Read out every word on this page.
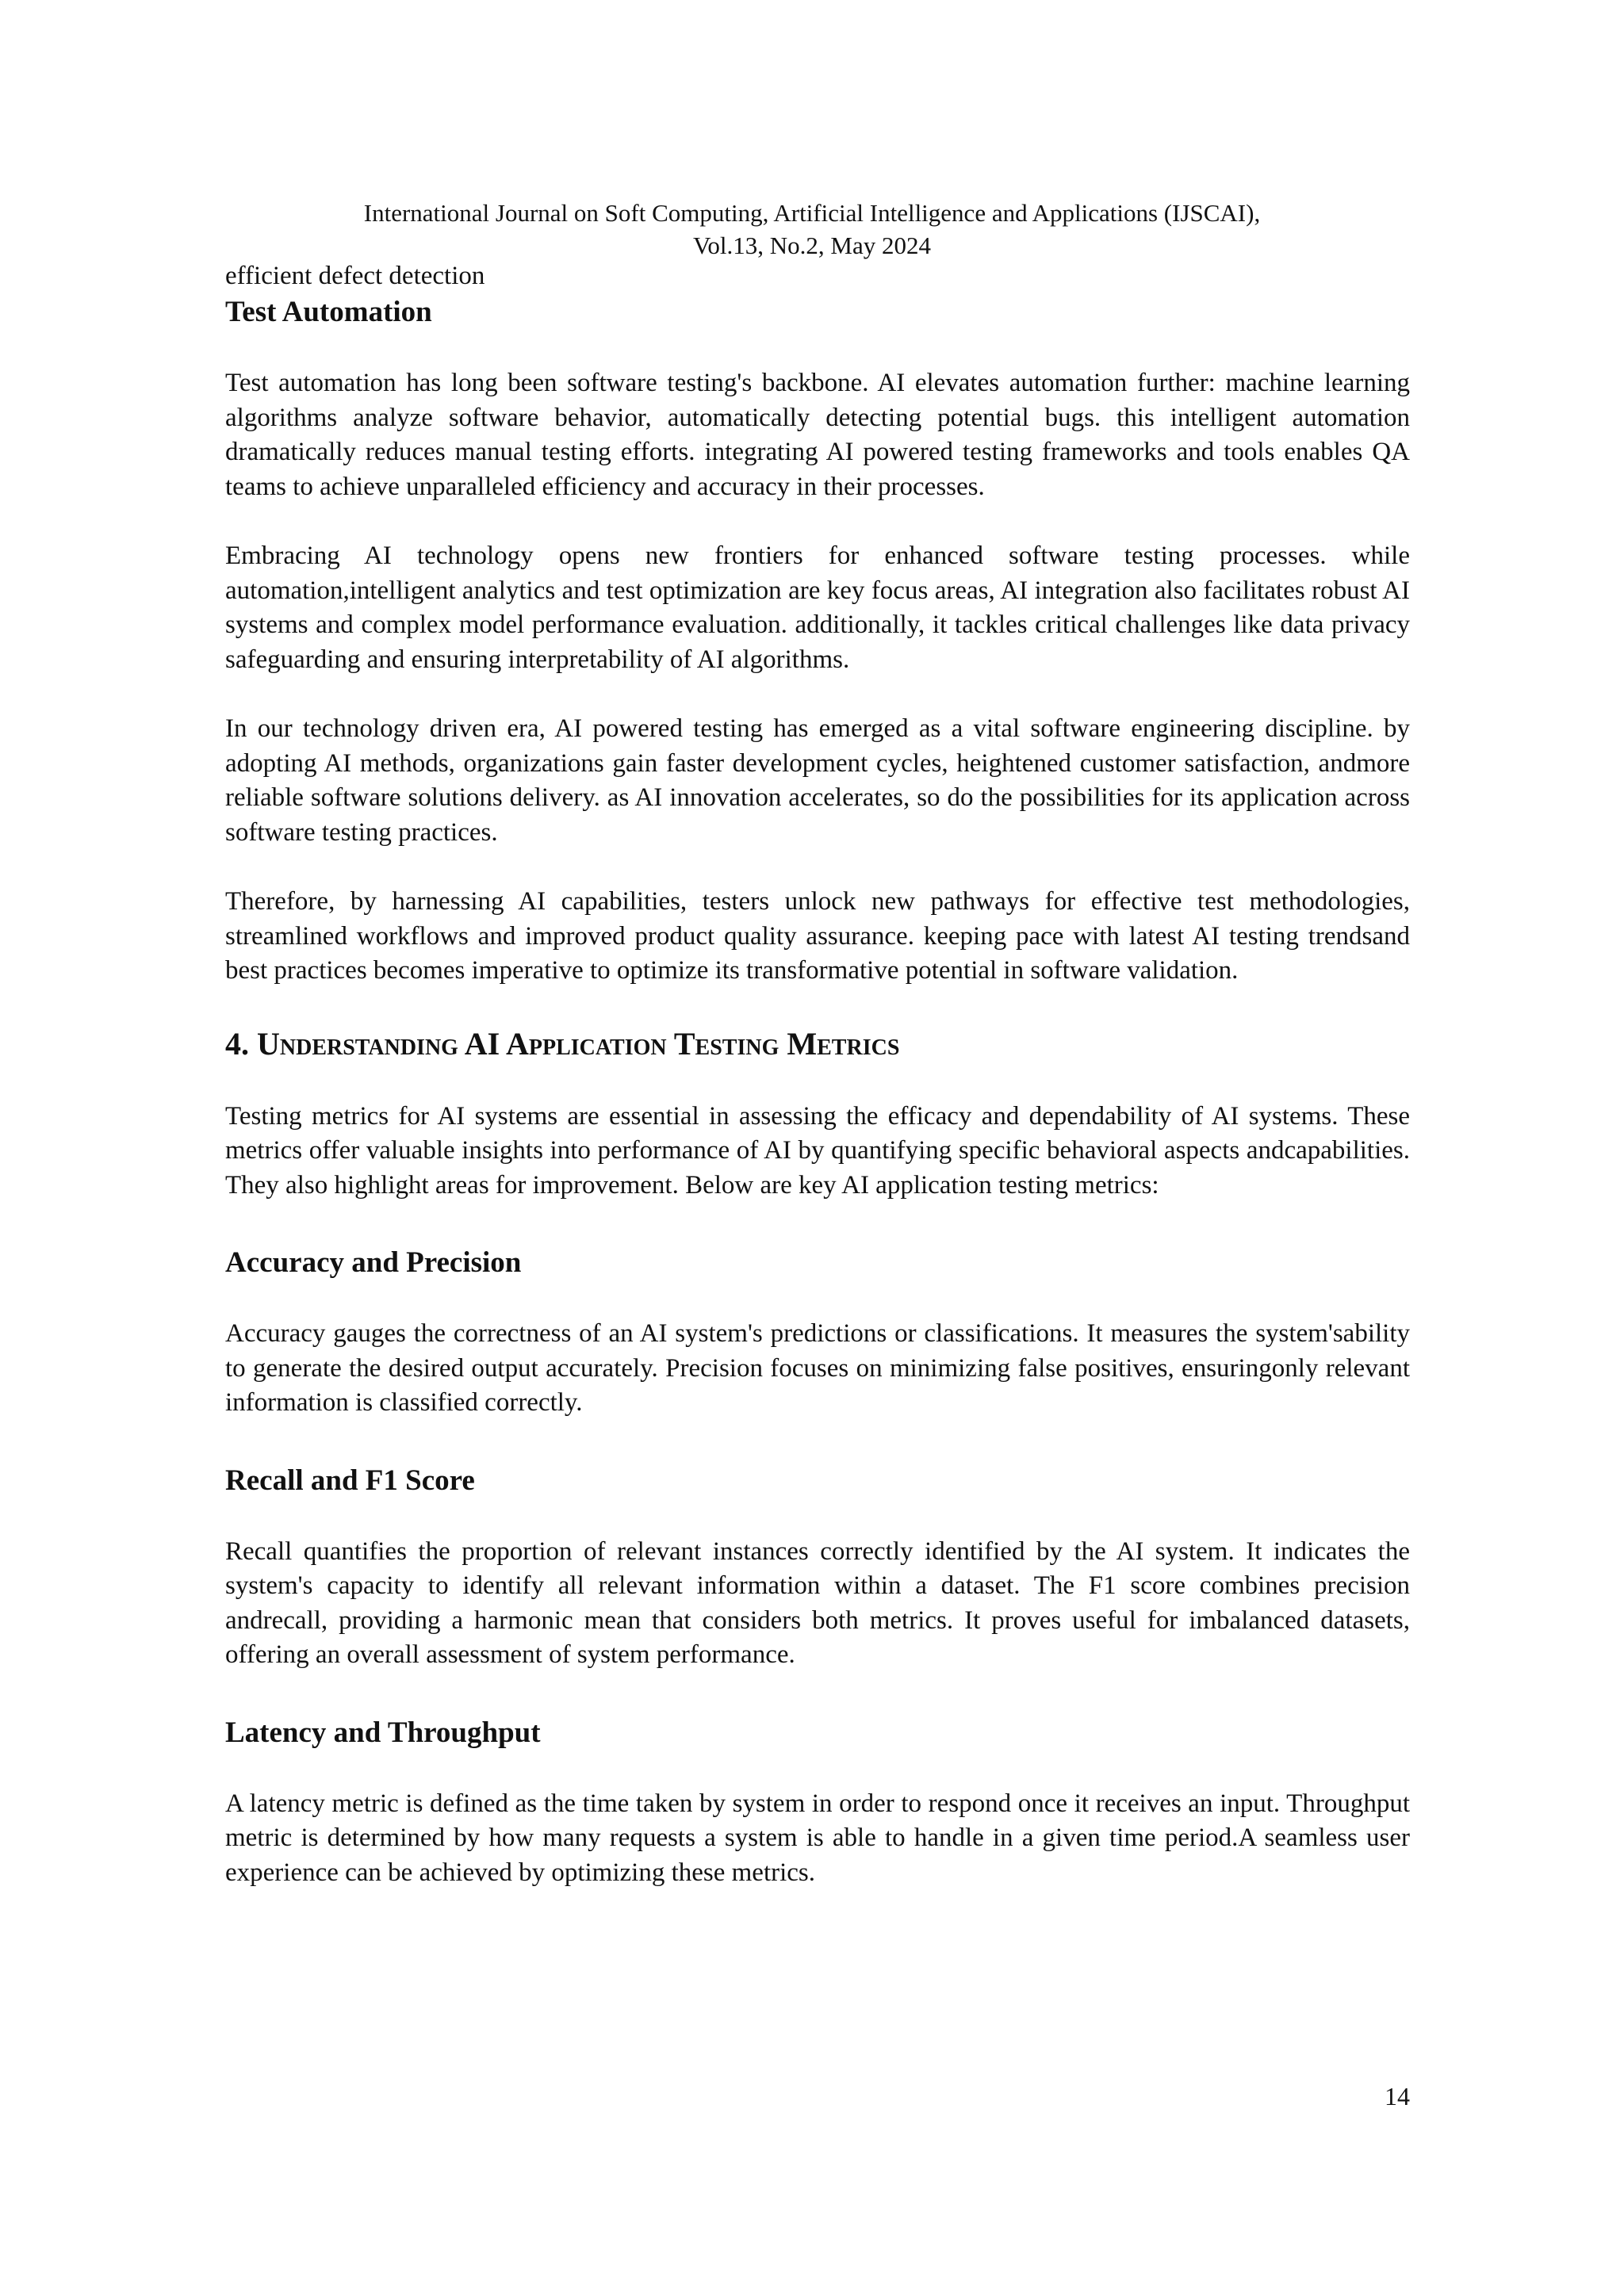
International Journal on Soft Computing, Artificial Intelligence and Applications (IJSCAI),
Vol.13, No.2, May 2024

efficient defect detection

Test Automation

Test automation has long been software testing's backbone. AI elevates automation further: machine learning algorithms analyze software behavior, automatically detecting potential bugs. this intelligent automation dramatically reduces manual testing efforts. integrating AI powered testing frameworks and tools enables QA teams to achieve unparalleled efficiency and accuracy in their processes.

Embracing AI technology opens new frontiers for enhanced software testing processes. while automation,intelligent analytics and test optimization are key focus areas, AI integration also facilitates robust AI systems and complex model performance evaluation. additionally, it tackles critical challenges like data privacy safeguarding and ensuring interpretability of AI algorithms.

In our technology driven era, AI powered testing has emerged as a vital software engineering discipline. by adopting AI methods, organizations gain faster development cycles, heightened customer satisfaction, andmore reliable software solutions delivery. as AI innovation accelerates, so do the possibilities for its application across software testing practices.

Therefore, by harnessing AI capabilities, testers unlock new pathways for effective test methodologies, streamlined workflows and improved product quality assurance. keeping pace with latest AI testing trendsand best practices becomes imperative to optimize its transformative potential in software validation.

4. Understanding AI Application Testing Metrics

Testing metrics for AI systems are essential in assessing the efficacy and dependability of AI systems. These metrics offer valuable insights into performance of AI by quantifying specific behavioral aspects andcapabilities. They also highlight areas for improvement. Below are key AI application testing metrics:

Accuracy and Precision

Accuracy gauges the correctness of an AI system's predictions or classifications. It measures the system'sability to generate the desired output accurately. Precision focuses on minimizing false positives, ensuringonly relevant information is classified correctly.

Recall and F1 Score

Recall quantifies the proportion of relevant instances correctly identified by the AI system. It indicates the system's capacity to identify all relevant information within a dataset. The F1 score combines precision andrecall, providing a harmonic mean that considers both metrics. It proves useful for imbalanced datasets, offering an overall assessment of system performance.

Latency and Throughput

A latency metric is defined as the time taken by system in order to respond once it receives an input. Throughput metric is determined by how many requests a system is able to handle in a given time period.A seamless user experience can be achieved by optimizing these metrics.

14
